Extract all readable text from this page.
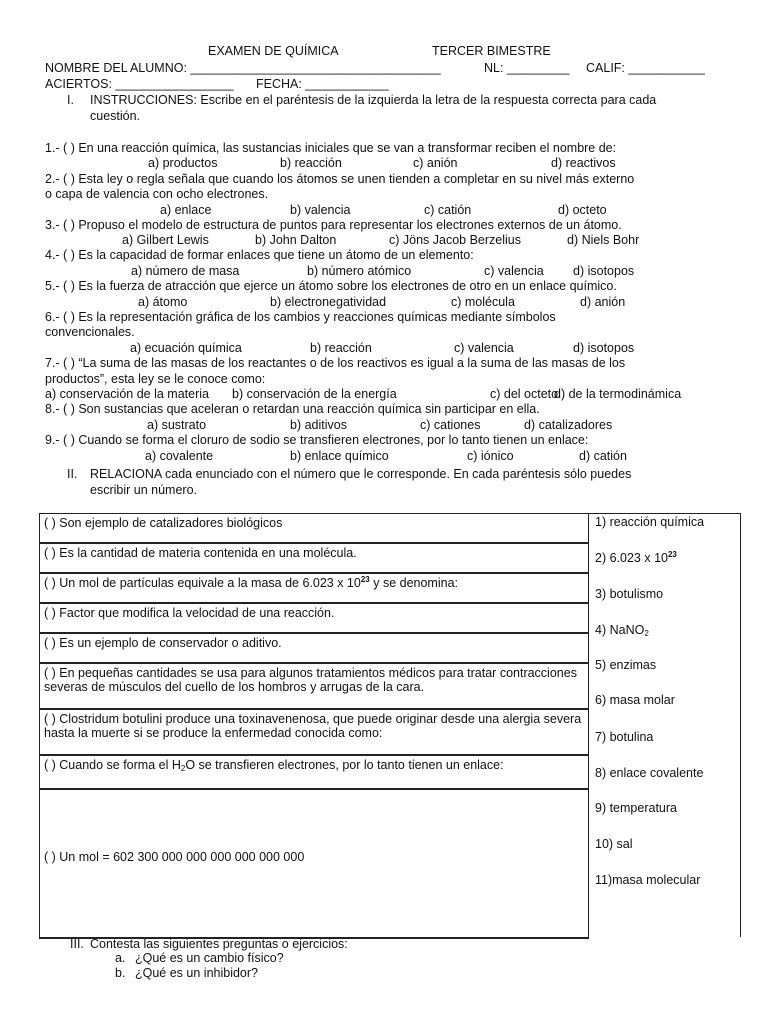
EXAMEN DE QUÍMICA	TERCER BIMESTRE
NOMBRE DEL ALUMNO: ____________________________________	NL: _________ CALIF: ___________
ACIERTOS: _________________ FECHA: ____________
I. INSTRUCCIONES: Escribe en el paréntesis de la izquierda la letra de la respuesta correcta para cada
cuestión.
1.- ( ) En una reacción química, las sustancias iniciales que se van a transformar reciben el nombre de:
a) productos	b) reacción	c) anión	d) reactivos
2.- ( ) Esta ley o regla señala que cuando los átomos se unen tienden a completar en su nivel más externo
o capa de valencia con ocho electrones.
a) enlace	b) valencia	c) catión	d) octeto
3.- ( ) Propuso el modelo de estructura de puntos para representar los electrones externos de un átomo.
a) Gilbert Lewis	b) John Dalton	c) Jöns Jacob Berzelius	d) Niels Bohr
4.- ( ) Es la capacidad de formar enlaces que tiene un átomo de un elemento:
a) número de masa	b) número atómico	c) valencia d) isotopos
5.- ( ) Es la fuerza de atracción que ejerce un átomo sobre los electrones de otro en un enlace químico.
a) átomo	b) electronegatividad	c) molécula	d) anión
6.- ( ) Es la representación gráfica de los cambios y reacciones químicas mediante símbolos
convencionales.
a) ecuación química	b) reacción	c) valencia	d) isotopos
7.- ( ) “La suma de las masas de los reactantes o de los reactivos es igual a la suma de las masas de los
productos”, esta ley se le conoce como:
a) conservación de la materia b) conservación de la energía	c) del octeto
d) de la termodinámica
8.- ( ) Son sustancias que aceleran o retardan una reacción química sin participar en ella.
a) sustrato	b) aditivos	c) cationes	d) catalizadores
9.- ( ) Cuando se forma el cloruro de sodio se transfieren electrones, por lo tanto tienen un enlace:
a) covalente	b) enlace químico	c) iónico	d) catión
II. RELACIONA cada enunciado con el número que le corresponde. En cada paréntesis sólo puedes
escribir un número.
( ) Son ejemplo de catalizadores biológicos
( ) Es la cantidad de materia contenida en una molécula.
( ) Un mol de partículas equivale a la masa de 6.023 x $10^{23}$ y se denomina:
( ) Factor que modifica la velocidad de una reacción.
( ) Es un ejemplo de conservador o aditivo.
( ) En pequeñas cantidades se usa para algunos tratamientos médicos para tratar contracciones severas de músculos del cuello de los hombros y arrugas de la cara.
( ) Clostridum botulini produce una toxinavenenosa, que puede originar desde una alergia severa hasta la muerte si se produce la enfermedad conocida como:
( ) Cuando se forma el $H_2O$ se transfieren electrones, por lo tanto tienen un enlace:
( ) Un mol = 602 300 000 000 000 000 000 000
1) reacción química
2) 6.023 x $10^{23}$
3) botulismo
4) NaNO$_2$
5) enzimas
6) masa molar
7) botulina
8) enlace covalente
9) temperatura
10) sal
11)masa molecular
III. Contesta las siguientes preguntas o ejercicios:
a. ¿Qué es un cambio físico?
b. ¿Qué es un inhibidor?
